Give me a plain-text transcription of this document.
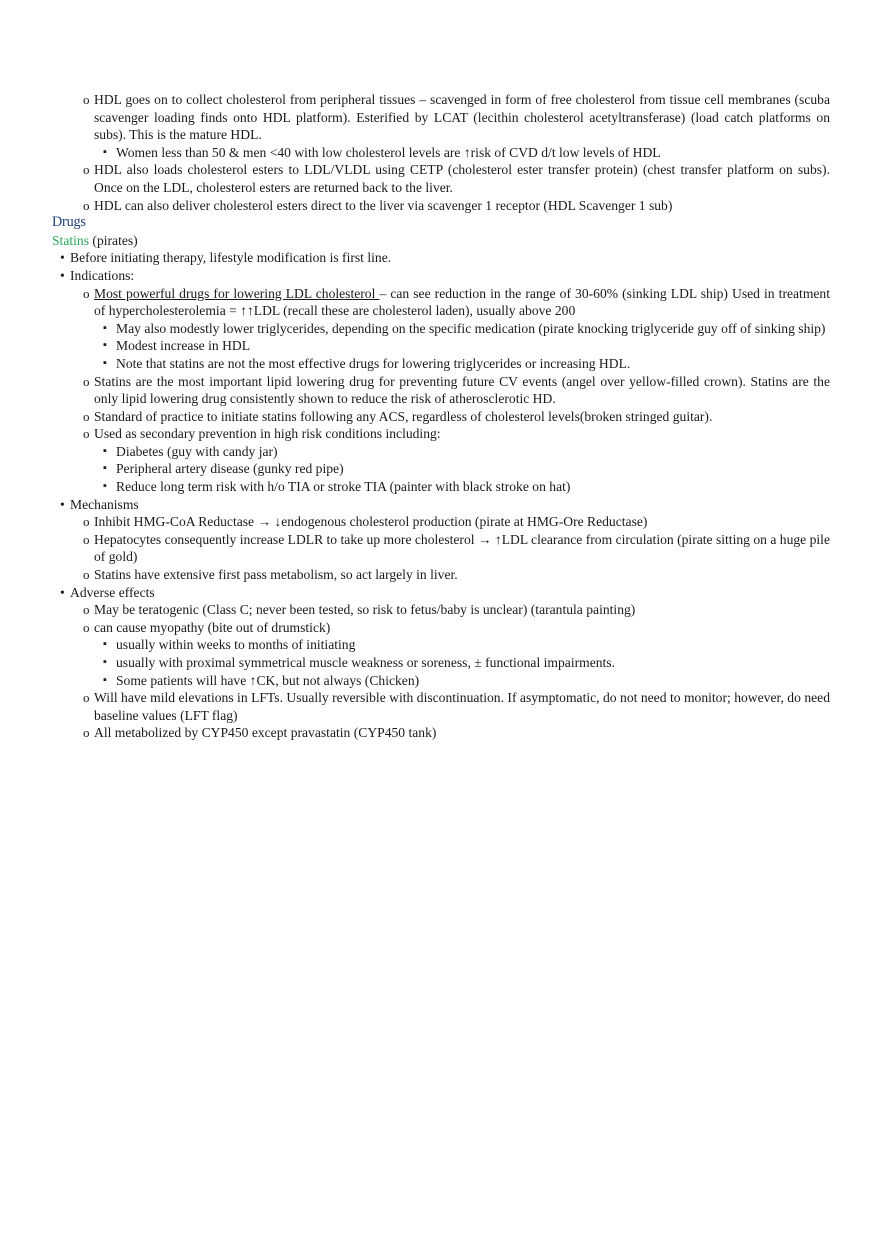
o HDL goes on to collect cholesterol from peripheral tissues – scavenged in form of free cholesterol from tissue cell membranes (scuba scavenger loading finds onto HDL platform). Esterified by LCAT (lecithin cholesterol acetyltransferase) (load catch platforms on subs). This is the mature HDL.
▪ Women less than 50 & men <40 with low cholesterol levels are ↑risk of CVD d/t low levels of HDL
o HDL also loads cholesterol esters to LDL/VLDL using CETP (cholesterol ester transfer protein) (chest transfer platform on subs). Once on the LDL, cholesterol esters are returned back to the liver.
o HDL can also deliver cholesterol esters direct to the liver via scavenger 1 receptor (HDL Scavenger 1 sub)
Drugs
Statins (pirates)
• Before initiating therapy, lifestyle modification is first line.
• Indications:
o Most powerful drugs for lowering LDL cholesterol – can see reduction in the range of 30-60% (sinking LDL ship) Used in treatment of hypercholesterolemia = ↑↑LDL (recall these are cholesterol laden), usually above 200
▪ May also modestly lower triglycerides, depending on the specific medication (pirate knocking triglyceride guy off of sinking ship)
▪ Modest increase in HDL
▪ Note that statins are not the most effective drugs for lowering triglycerides or increasing HDL.
o Statins are the most important lipid lowering drug for preventing future CV events (angel over yellow-filled crown). Statins are the only lipid lowering drug consistently shown to reduce the risk of atherosclerotic HD.
o Standard of practice to initiate statins following any ACS, regardless of cholesterol levels(broken stringed guitar).
o Used as secondary prevention in high risk conditions including:
▪ Diabetes (guy with candy jar)
▪ Peripheral artery disease (gunky red pipe)
▪ Reduce long term risk with h/o TIA or stroke TIA (painter with black stroke on hat)
• Mechanisms
o Inhibit HMG-CoA Reductase → ↓endogenous cholesterol production (pirate at HMG-Ore Reductase)
o Hepatocytes consequently increase LDLR to take up more cholesterol → ↑LDL clearance from circulation (pirate sitting on a huge pile of gold)
o Statins have extensive first pass metabolism, so act largely in liver.
• Adverse effects
o May be teratogenic (Class C; never been tested, so risk to fetus/baby is unclear) (tarantula painting)
o can cause myopathy (bite out of drumstick)
▪ usually within weeks to months of initiating
▪ usually with proximal symmetrical muscle weakness or soreness, ± functional impairments.
▪ Some patients will have ↑CK, but not always (Chicken)
o Will have mild elevations in LFTs. Usually reversible with discontinuation. If asymptomatic, do not need to monitor; however, do need baseline values (LFT flag)
o All metabolized by CYP450 except pravastatin (CYP450 tank)
